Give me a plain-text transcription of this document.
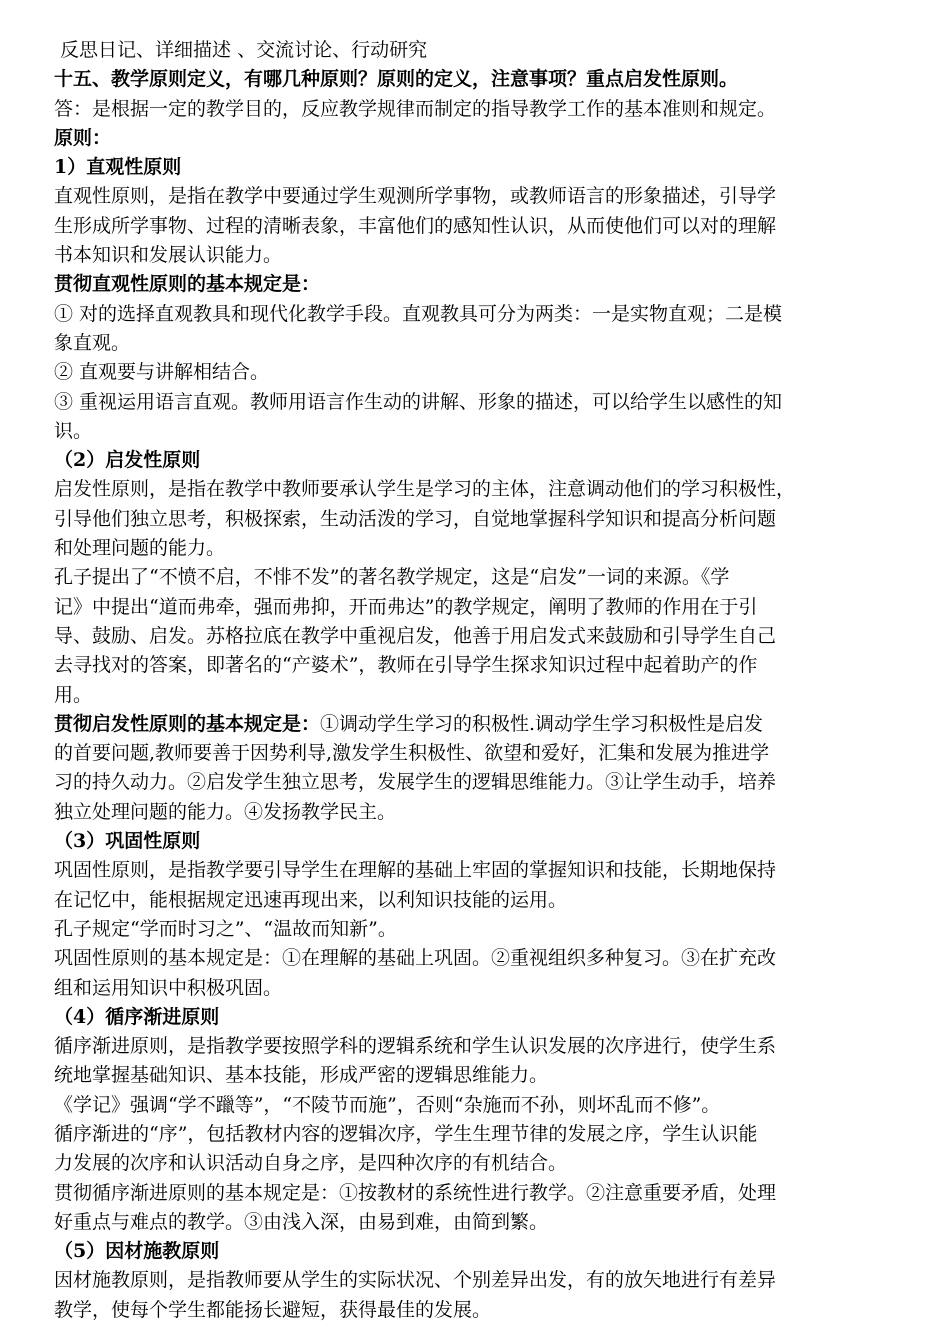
反思日记、详细描述 、交流讨论、行动研究
十五、教学原则定义，有哪几种原则？原则的定义，注意事项？重点启发性原则。
答：是根据一定的教学目的，反应教学规律而制定的指导教学工作的基本准则和规定。
原则：
1）直观性原则
直观性原则，是指在教学中要通过学生观测所学事物，或教师语言的形象描述，引导学
生形成所学事物、过程的清晰表象，丰富他们的感知性认识，从而使他们可以对的理解
书本知识和发展认识能力。
贯彻直观性原则的基本规定是：
① 对的选择直观教具和现代化教学手段。直观教具可分为两类：一是实物直观；二是模
象直观。
② 直观要与讲解相结合。
③ 重视运用语言直观。教师用语言作生动的讲解、形象的描述，可以给学生以感性的知
识。
（2）启发性原则
启发性原则，是指在教学中教师要承认学生是学习的主体，注意调动他们的学习积极性，
引导他们独立思考，积极探索，生动活泼的学习，自觉地掌握科学知识和提高分析问题
和处理问题的能力。
孔子提出了“不愤不启，不悱不发”的著名教学规定，这是“启发”一词的来源。《学
记》中提出“道而弗牵，强而弗抑，开而弗达”的教学规定，阐明了教师的作用在于引
导、鼓励、启发。苏格拉底在教学中重视启发，他善于用启发式来鼓励和引导学生自己
去寻找对的答案，即著名的“产婆术”，教师在引导学生探求知识过程中起着助产的作
用。
贯彻启发性原则的基本规定是：①调动学生学习的积极性.调动学生学习积极性是启发
的首要问题,教师要善于因势利导,激发学生积极性、欲望和爱好，汇集和发展为推进学
习的持久动力。②启发学生独立思考，发展学生的逻辑思维能力。③让学生动手，培养
独立处理问题的能力。④发扬教学民主。
（3）巩固性原则
巩固性原则，是指教学要引导学生在理解的基础上牢固的掌握知识和技能，长期地保持
在记忆中，能根据规定迅速再现出来，以利知识技能的运用。
孔子规定“学而时习之”、“温故而知新”。
巩固性原则的基本规定是：①在理解的基础上巩固。②重视组织多种复习。③在扩充改
组和运用知识中积极巩固。
（4）循序渐进原则
循序渐进原则，是指教学要按照学科的逻辑系统和学生认识发展的次序进行，使学生系
统地掌握基础知识、基本技能，形成严密的逻辑思维能力。
《学记》强调“学不躐等”，“不陵节而施”，否则“杂施而不孙，则坏乱而不修”。
循序渐进的“序”，包括教材内容的逻辑次序，学生生理节律的发展之序，学生认识能
力发展的次序和认识活动自身之序，是四种次序的有机结合。
贯彻循序渐进原则的基本规定是：①按教材的系统性进行教学。②注意重要矛盾，处理
好重点与难点的教学。③由浅入深，由易到难，由简到繁。
（5）因材施教原则
因材施教原则，是指教师要从学生的实际状况、个别差异出发，有的放矢地进行有差异
教学，使每个学生都能扬长避短，获得最佳的发展。
